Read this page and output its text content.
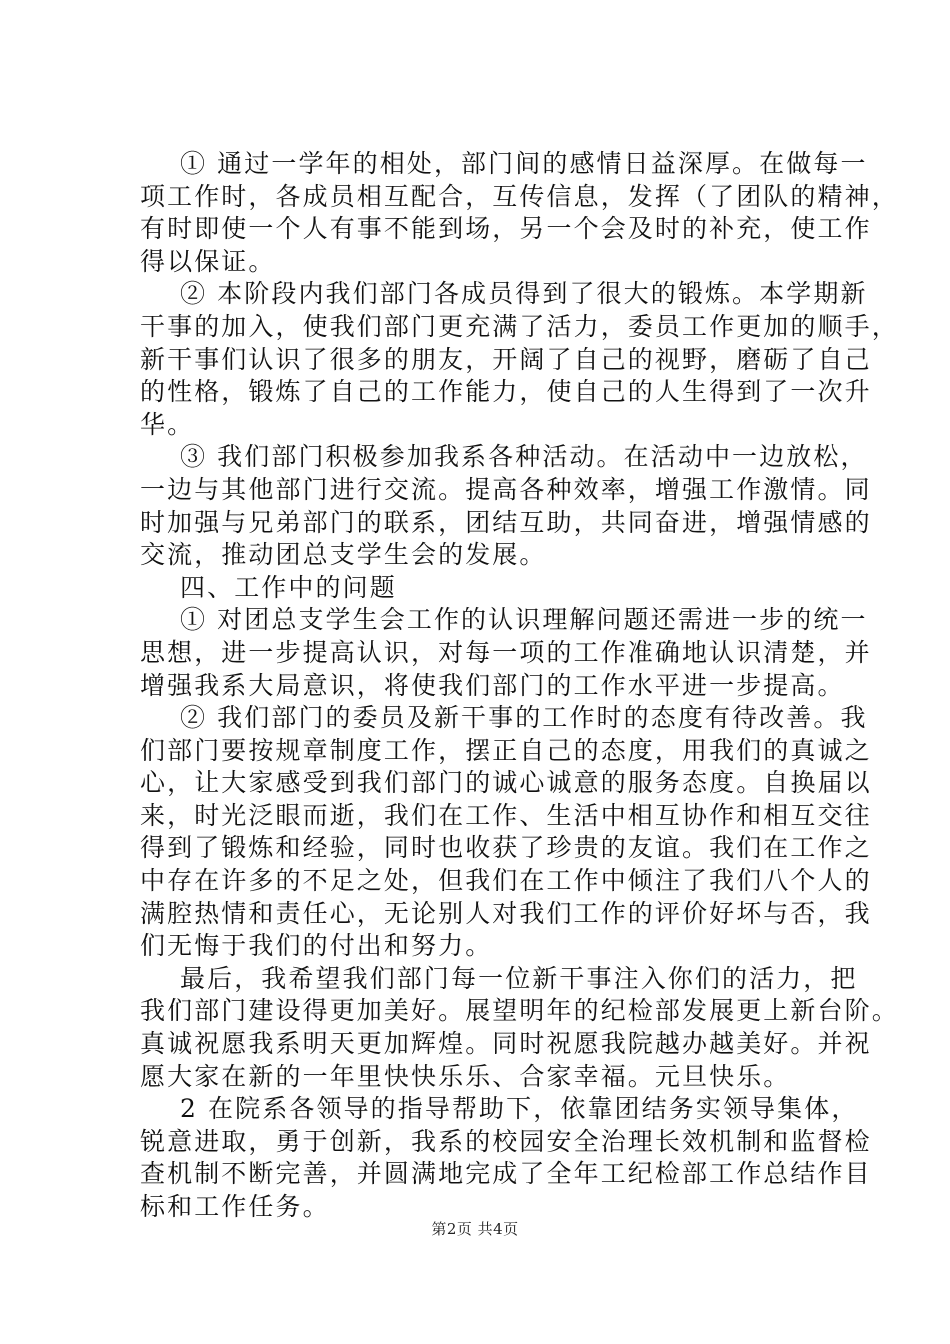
① 通过一学年的相处，部门间的感情日益深厚。在做每一
项工作时，各成员相互配合，互传信息，发挥（了团队的精神，
有时即使一个人有事不能到场，另一个会及时的补充，使工作
得以保证。
② 本阶段内我们部门各成员得到了很大的锻炼。本学期新
干事的加入，使我们部门更充满了活力，委员工作更加的顺手，
新干事们认识了很多的朋友，开阔了自己的视野，磨砺了自己
的性格，锻炼了自己的工作能力，使自己的人生得到了一次升
华。
③ 我们部门积极参加我系各种活动。在活动中一边放松，
一边与其他部门进行交流。提高各种效率，增强工作激情。同
时加强与兄弟部门的联系，团结互助，共同奋进，增强情感的
交流，推动团总支学生会的发展。
四、工作中的问题
① 对团总支学生会工作的认识理解问题还需进一步的统一
思想，进一步提高认识，对每一项的工作准确地认识清楚，并
增强我系大局意识，将使我们部门的工作水平进一步提高。
② 我们部门的委员及新干事的工作时的态度有待改善。我
们部门要按规章制度工作，摆正自己的态度，用我们的真诚之
心，让大家感受到我们部门的诚心诚意的服务态度。自换届以
来，时光泛眼而逝，我们在工作、生活中相互协作和相互交往
得到了锻炼和经验，同时也收获了珍贵的友谊。我们在工作之
中存在许多的不足之处，但我们在工作中倾注了我们八个人的
满腔热情和责任心，无论别人对我们工作的评价好坏与否，我
们无悔于我们的付出和努力。
最后，我希望我们部门每一位新干事注入你们的活力，把
我们部门建设得更加美好。展望明年的纪检部发展更上新台阶。
真诚祝愿我系明天更加辉煌。同时祝愿我院越办越美好。并祝
愿大家在新的一年里快快乐乐、合家幸福。元旦快乐。
2 在院系各领导的指导帮助下，依靠团结务实领导集体，
锐意进取，勇于创新，我系的校园安全治理长效机制和监督检
查机制不断完善，并圆满地完成了全年工纪检部工作总结作目
标和工作任务。
第2页 共4页
